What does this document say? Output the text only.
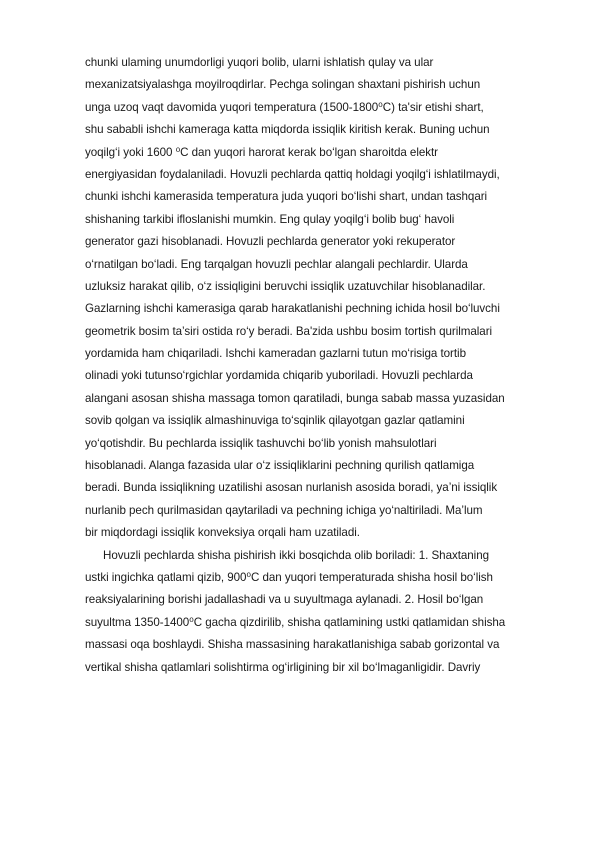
chunki ulaming unumdorligi yuqori bolib, ularni ishlatish qulay va ular
mexanizatsiyalashga moyilroqdirlar. Pechga solingan shaxtani pishirish uchun
unga uzoq vaqt davomida yuqori temperatura (1500-1800⁰C) ta'sir etishi shart,
shu sababli ishchi kameraga katta miqdorda issiqlik kiritish kerak. Buning uchun
yoqilg‘i yoki 1600 ⁰C dan yuqori harorat kerak bo‘lgan sharoitda elektr
energiyasidan foydalaniladi. Hovuzli pechlarda qattiq holdagi yoqilg‘i ishlatilmaydi,
chunki ishchi kamerasida temperatura juda yuqori bo‘lishi shart, undan tashqari
shishaning tarkibi ifloslanishi mumkin. Eng qulay yoqilg‘i bolib bug‘ havoli
generator gazi hisoblanadi. Hovuzli pechlarda generator yoki rekuperator
o‘rnatilgan bo‘ladi. Eng tarqalgan hovuzli pechlar alangali pechlardir. Ularda
uzluksiz harakat qilib, o‘z issiqligini beruvchi issiqlik uzatuvchilar hisoblanadilar.
Gazlarning ishchi kamerasiga qarab harakatlanishi pechning ichida hosil bo‘luvchi
geometrik bosim ta’siri ostida ro‘y beradi. Ba'zida ushbu bosim tortish qurilmalari
yordamida ham chiqariladi. Ishchi kameradan gazlarni tutun mo‘risiga tortib
olinadi yoki tutunso‘rgichlar yordamida chiqarib yuboriladi. Hovuzli pechlarda
alangani asosan shisha massaga tomon qaratiladi, bunga sabab massa yuzasidan
sovib qolgan va issiqlik almashinuviga to‘sqinlik qilayotgan gazlar qatlamini
yo‘qotishdir. Bu pechlarda issiqlik tashuvchi bo‘lib yonish mahsulotlari
hisoblanadi. Alanga fazasida ular o‘z issiqliklarini pechning qurilish qatlamiga
beradi. Bunda issiqlikning uzatilishi asosan nurlanish asosida boradi, ya’ni issiqlik
nurlanib pech qurilmasidan qaytariladi va pechning ichiga yo‘naltiriladi. Ma’lum
bir miqdordagi issiqlik konveksiya orqali ham uzatiladi.
Hovuzli pechlarda shisha pishirish ikki bosqichda olib boriladi: 1. Shaxtaning
ustki ingichka qatlami qizib, 900⁰C dan yuqori temperaturada shisha hosil bo‘lish
reaksiyalarining borishi jadallashadi va u suyultmaga aylanadi. 2. Hosil bo‘lgan
suyultma 1350-1400⁰C gacha qizdirilib, shisha qatlamining ustki qatlamidan shisha
massasi oqa boshlaydi. Shisha massasining harakatlanishiga sabab gorizontal va
vertikal shisha qatlamlari solishtirma og‘irligining bir xil bo‘lmaganligidir. Davriy
